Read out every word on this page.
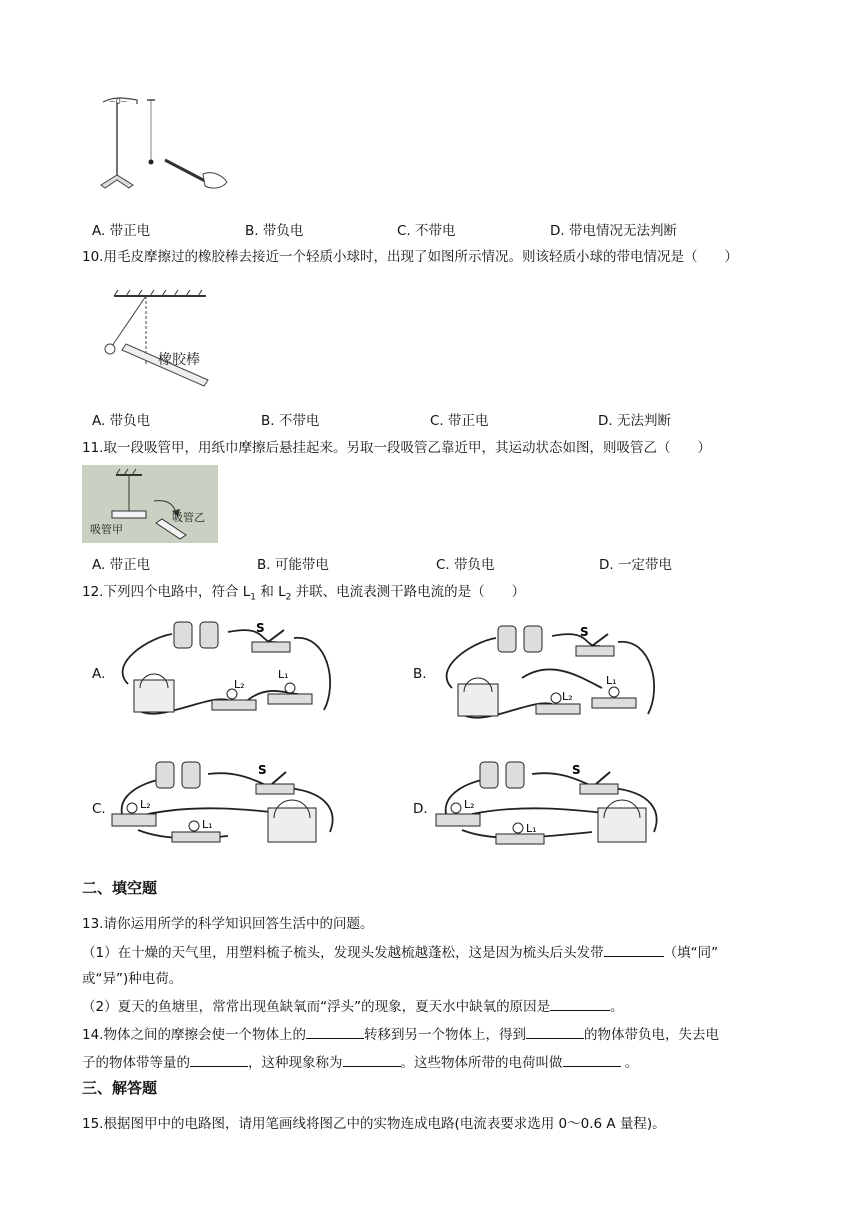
~0~
A. 带正电	B. 带负电	C. 不带电	D. 带电情况无法判断
10.用毛皮摩擦过的橡胶棒去接近一个轻质小球时，出现了如图所示情况。则该轻质小球的带电情况是（　　）
橡胶棒
A. 带负电	B. 不带电	C. 带正电	D. 无法判断
11.取一段吸管甲，用纸巾摩擦后悬挂起来。另取一段吸管乙靠近甲，其运动状态如图，则吸管乙（　　）
吸管甲
吸管乙
A. 带正电	B. 可能带电	C. 带负电	D. 一定带电
12.下列四个电路中，符合 $L_1$ 和 $L_2$ 并联、电流表测干路电流的是（　　）
A.
S
L₂
L₁	B.
S
L₂
L₁
C.
S
L₂
L₁
D.
S
L₂
L₁
二、填空题
13.请你运用所学的科学知识回答生活中的问题。
（1）在十燥的天气里，用塑料梳子梳头，发现头发越梳越蓬松，这是因为梳头后头发带	（填“同”
或“异”)种电荷。
（2）夏天的鱼塘里，常常出现鱼缺氧而“浮头”的现象，夏天水中缺氧的原因是	。
14.物体之间的摩擦会使一个物体上的	转移到另一个物体上，得到	的物体带负电，失去电
子的物体带等量的	，这种现象称为	。这些物体所带的电荷叫做	。
三、解答题
15.根据图甲中的电路图，请用笔画线将图乙中的实物连成电路(电流表要求选用 0～0.6 A 量程)。
